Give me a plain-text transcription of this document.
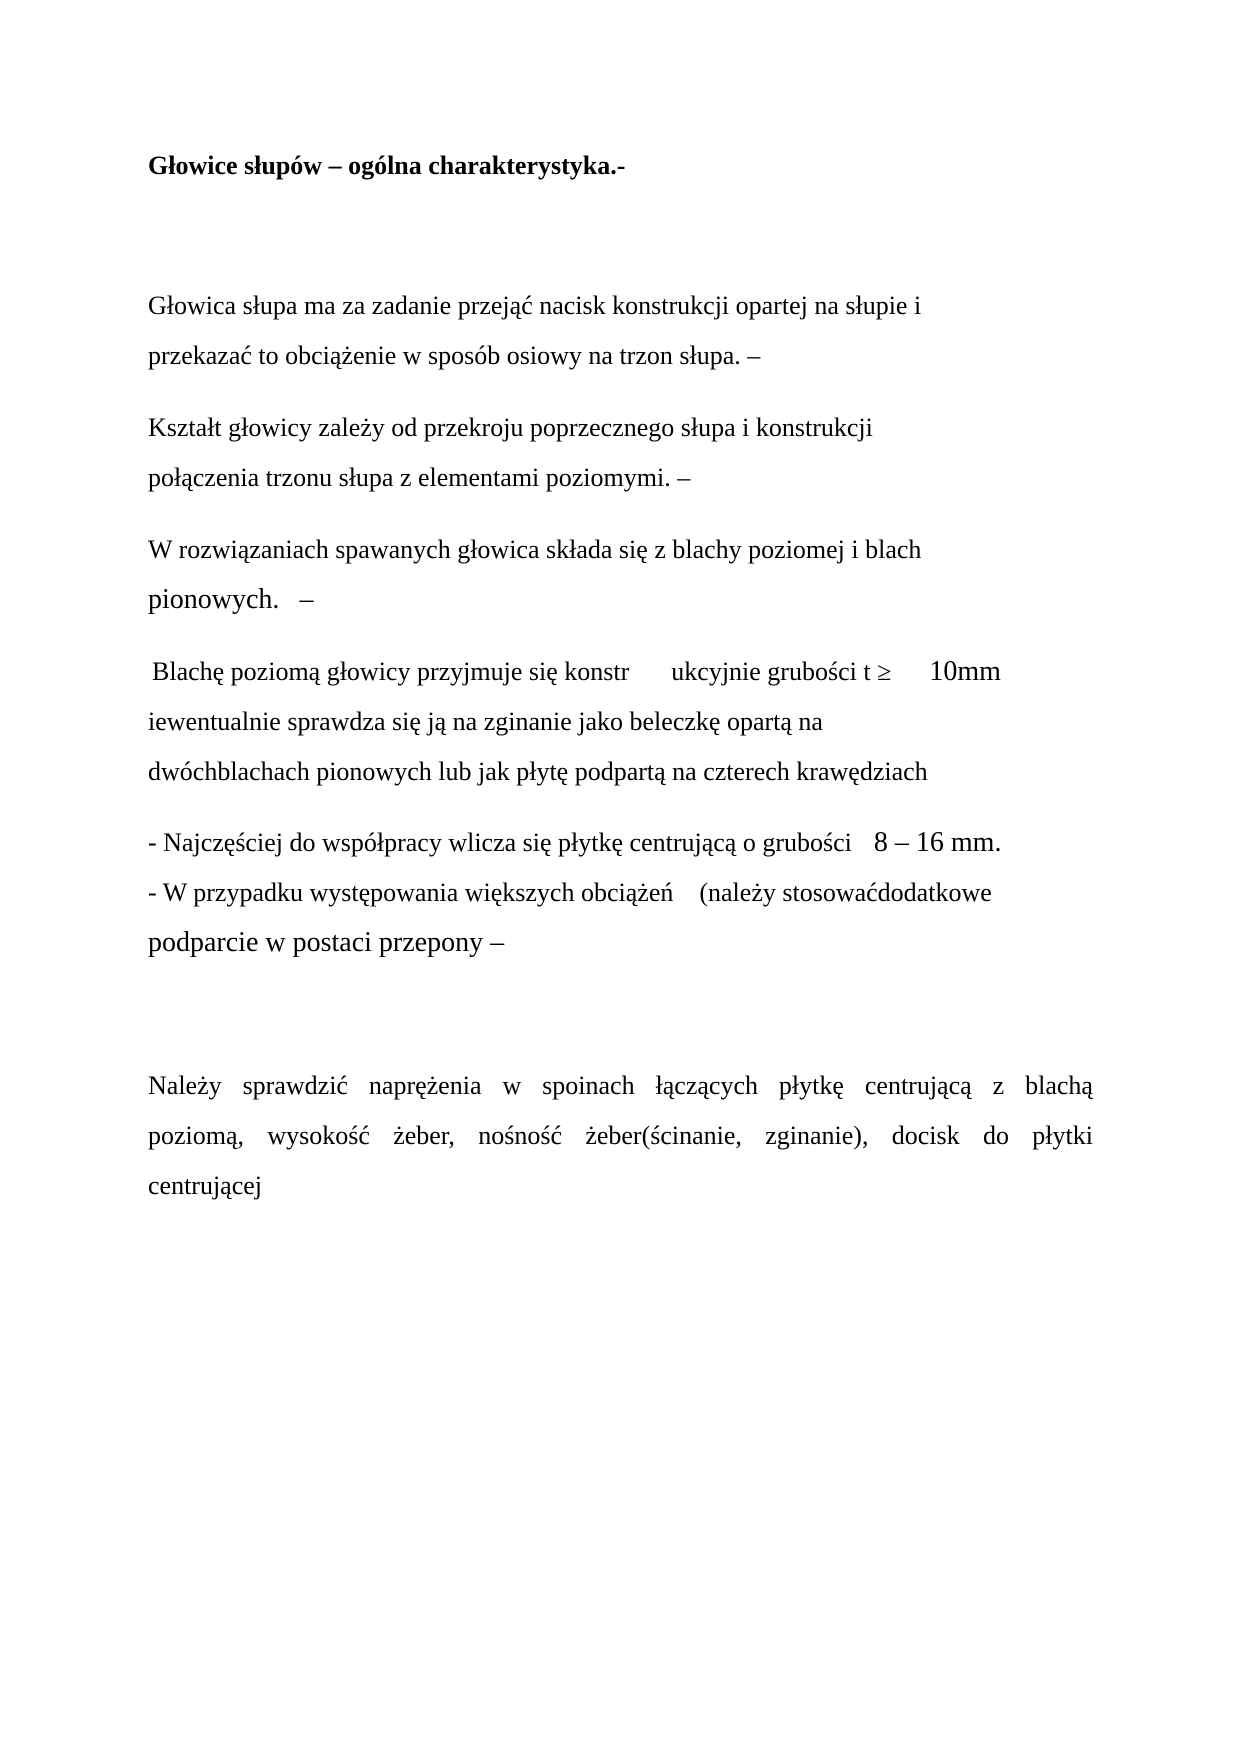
Głowice słupów – ogólna charakterystyka.-
Głowica słupa ma za zadanie przejąć nacisk konstrukcji opartej na słupie i
przekazać to obciążenie w sposób osiowy na trzon słupa. –
Kształt głowicy zależy od przekroju poprzecznego słupa i konstrukcji
połączenia trzonu słupa z elementami poziomymi. –
W rozwiązaniach spawanych głowica składa się z blachy poziomej i blach
pionowych. –
Blachę poziomą głowicy przyjmuje się konstr ukcyjnie grubości t ≥ 10mm
iewentualnie sprawdza się ją na zginanie jako beleczkę opartą na
dwóchblachach pionowych lub jak płytę podpartą na czterech krawędziach
- Najczęściej do współpracy wlicza się płytkę centrującą o grubości 8 – 16 mm.
- W przypadku występowania większych obciążeń (należy stosowaćdodatkowe
podparcie w postaci przepony –
Należy sprawdzić naprężenia w spoinach łączących płytkę centrującą z blachą
poziomą, wysokość żeber, nośność żeber(ścinanie, zginanie), docisk do płytki
centrującej
